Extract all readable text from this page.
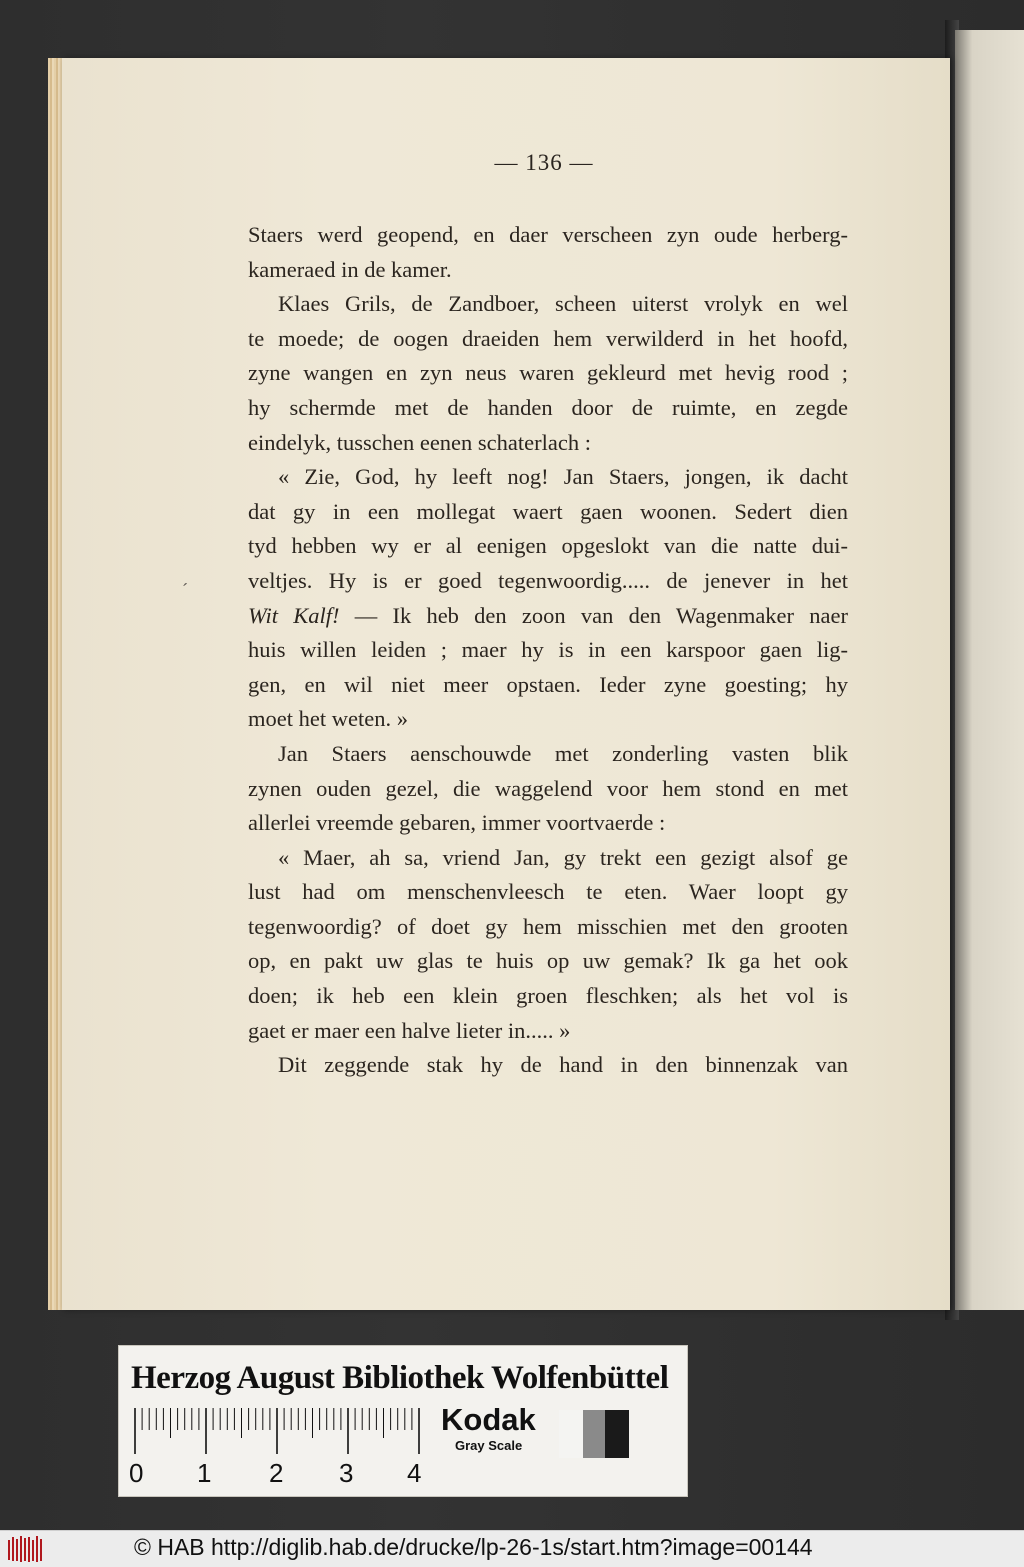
— 136 —
Staers werd geopend, en daer verscheen zyn oude herberg-
kameraed in de kamer.
Klaes Grils, de Zandboer, scheen uiterst vrolyk en wel
te moede; de oogen draeiden hem verwilderd in het hoofd,
zyne wangen en zyn neus waren gekleurd met hevig rood ;
hy schermde met de handen door de ruimte, en zegde
eindelyk, tusschen eenen schaterlach :
« Zie, God, hy leeft nog! Jan Staers, jongen, ik dacht
dat gy in een mollegat waert gaen woonen. Sedert dien
tyd hebben wy er al eenigen opgeslokt van die natte dui-
veltjes. Hy is er goed tegenwoordig..... de jenever in het
Wit Kalf! — Ik heb den zoon van den Wagenmaker naer
huis willen leiden ; maer hy is in een karspoor gaen lig-
gen, en wil niet meer opstaen. Ieder zyne goesting; hy
moet het weten. »
Jan Staers aenschouwde met zonderling vasten blik
zynen ouden gezel, die waggelend voor hem stond en met
allerlei vreemde gebaren, immer voortvaerde :
« Maer, ah sa, vriend Jan, gy trekt een gezigt alsof ge
lust had om menschenvleesch te eten. Waer loopt gy
tegenwoordig? of doet gy hem misschien met den grooten
op, en pakt uw glas te huis op uw gemak? Ik ga het ook
doen; ik heb een klein groen fleschken; als het vol is
gaet er maer een halve lieter in..... »
Dit zeggende stak hy de hand in den binnenzak van
ˊ
Herzog August Bibliothek Wolfenbüttel
0 1 2 3 4
Kodak
Gray Scale
© HAB http://diglib.hab.de/drucke/lp-26-1s/start.htm?image=00144
